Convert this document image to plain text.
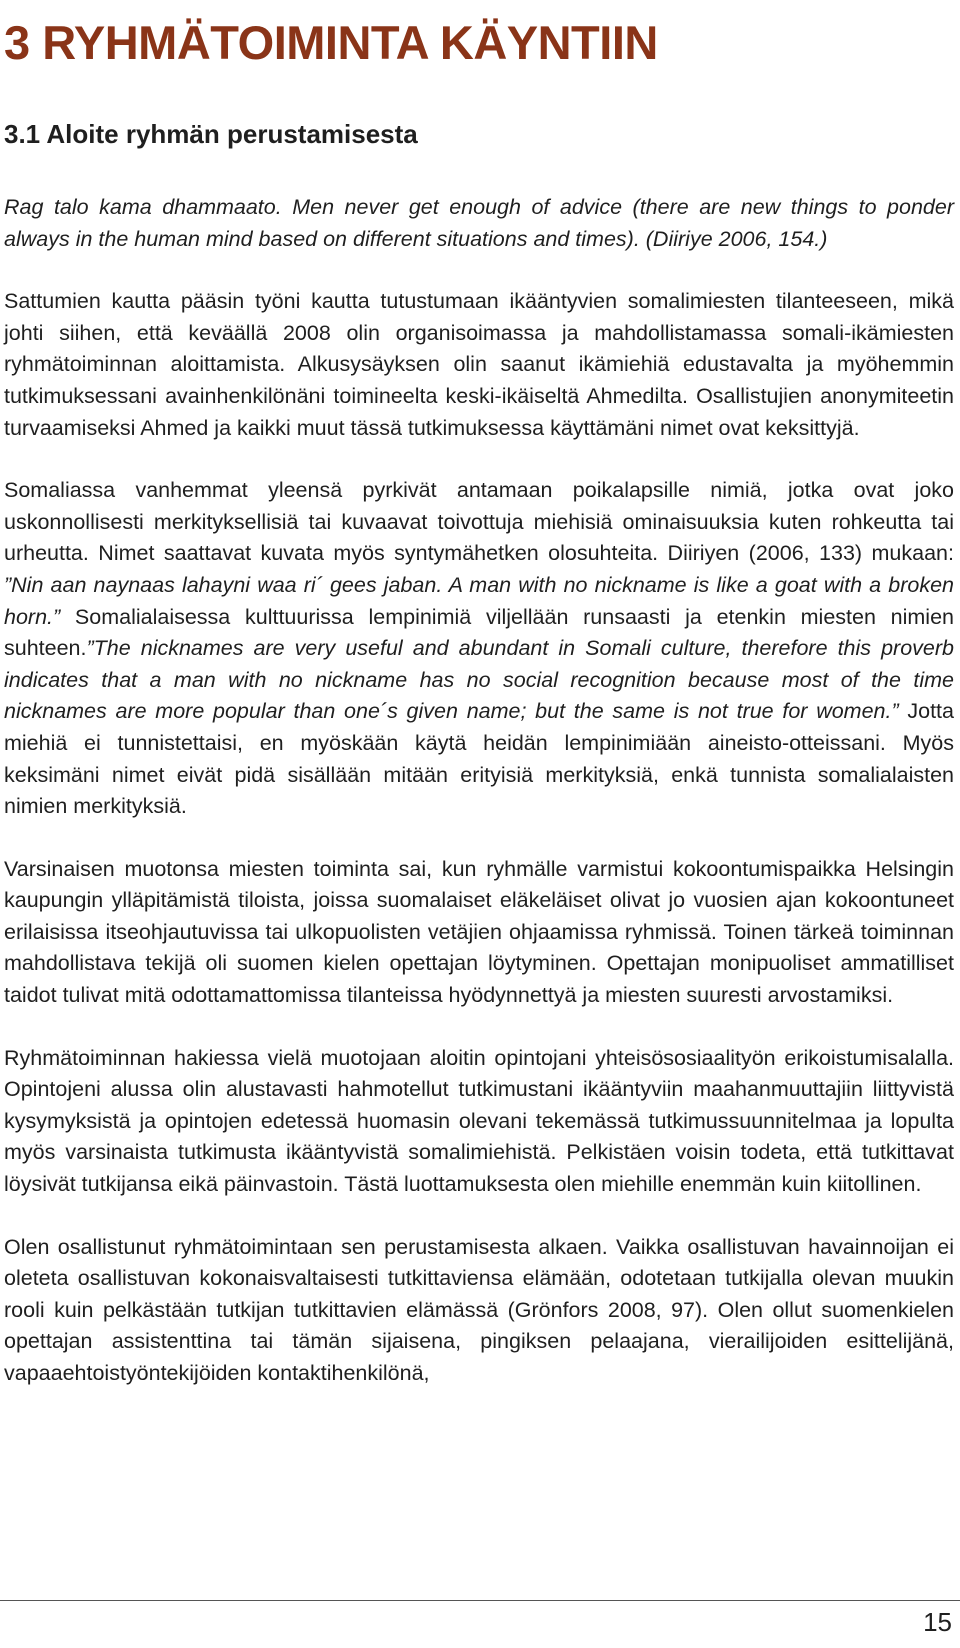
3 RYHMÄTOIMINTA KÄYNTIIN
3.1 Aloite ryhmän perustamisesta

Rag talo kama dhammaato. Men never get enough of advice (there are new things to ponder always in the human mind based on different situations and times). (Diiriye 2006, 154.)

Sattumien kautta pääsin työni kautta tutustumaan ikääntyvien somalimiesten tilanteeseen, mikä johti siihen, että keväällä 2008 olin organisoimassa ja mahdollistamassa somali-ikämiesten ryhmätoiminnan aloittamista. Alkusysäyksen olin saanut ikämiehiä edustavalta ja myöhemmin tutkimuksessani avainhenkilönäni toimineelta keski-ikäiseltä Ahmedilta. Osallistujien anonymiteetin turvaamiseksi Ahmed ja kaikki muut tässä tutkimuksessa käyttämäni nimet ovat keksittyjä.

Somaliassa vanhemmat yleensä pyrkivät antamaan poikalapsille nimiä, jotka ovat joko uskonnollisesti merkityksellisiä tai kuvaavat toivottuja miehisiä ominaisuuksia kuten rohkeutta tai urheutta. Nimet saattavat kuvata myös syntymähetken olosuhteita. Diiriyen (2006, 133) mukaan: ”Nin aan naynaas lahayni waa ri´ gees jaban. A man with no nickname is like a goat with a broken horn.” Somalialaisessa kulttuurissa lempinimiä viljellään runsaasti ja etenkin miesten nimien suhteen.”The nicknames are very useful and abundant in Somali culture, therefore this proverb indicates that a man with no nickname has no social recognition because most of the time nicknames are more popular than one´s given name; but the same is not true for women.” Jotta miehiä ei tunnistettaisi, en myöskään käytä heidän lempinimiään aineisto-otteissani. Myös keksimäni nimet eivät pidä sisällään mitään erityisiä merkityksiä, enkä tunnista somalialaisten nimien merkityksiä.

Varsinaisen muotonsa miesten toiminta sai, kun ryhmälle varmistui kokoontumispaikka Helsingin kaupungin ylläpitämistä tiloista, joissa suomalaiset eläkeläiset olivat jo vuosien ajan kokoontuneet erilaisissa itseohjautuvissa tai ulkopuolisten vetäjien ohjaamissa ryhmissä. Toinen tärkeä toiminnan mahdollistava tekijä oli suomen kielen opettajan löytyminen. Opettajan monipuoliset ammatilliset taidot tulivat mitä odottamattomissa tilanteissa hyödynnettyä ja miesten suuresti arvostamiksi.

Ryhmätoiminnan hakiessa vielä muotojaan aloitin opintojani yhteisösosiaalityön erikoistumisalalla. Opintojeni alussa olin alustavasti hahmotellut tutkimustani ikääntyviin maahanmuuttajiin liittyvistä kysymyksistä ja opintojen edetessä huomasin olevani tekemässä tutkimussuunnitelmaa ja lopulta myös varsinaista tutkimusta ikääntyvistä somalimiehistä. Pelkistäen voisin todeta, että tutkittavat löysivät tutkijansa eikä päinvastoin. Tästä luottamuksesta olen miehille enemmän kuin kiitollinen.

Olen osallistunut ryhmätoimintaan sen perustamisesta alkaen. Vaikka osallistuvan havainnoijan ei oleteta osallistuvan kokonaisvaltaisesti tutkittaviensa elämään, odotetaan tutkijalla olevan muukin rooli kuin pelkästään tutkijan tutkittavien elämässä (Grönfors 2008, 97). Olen ollut suomenkielen opettajan assistenttina tai tämän sijaisena, pingiksen pelaajana, vierailijoiden esittelijänä, vapaaehtoistyöntekijöiden kontaktihenkilönä,

15
